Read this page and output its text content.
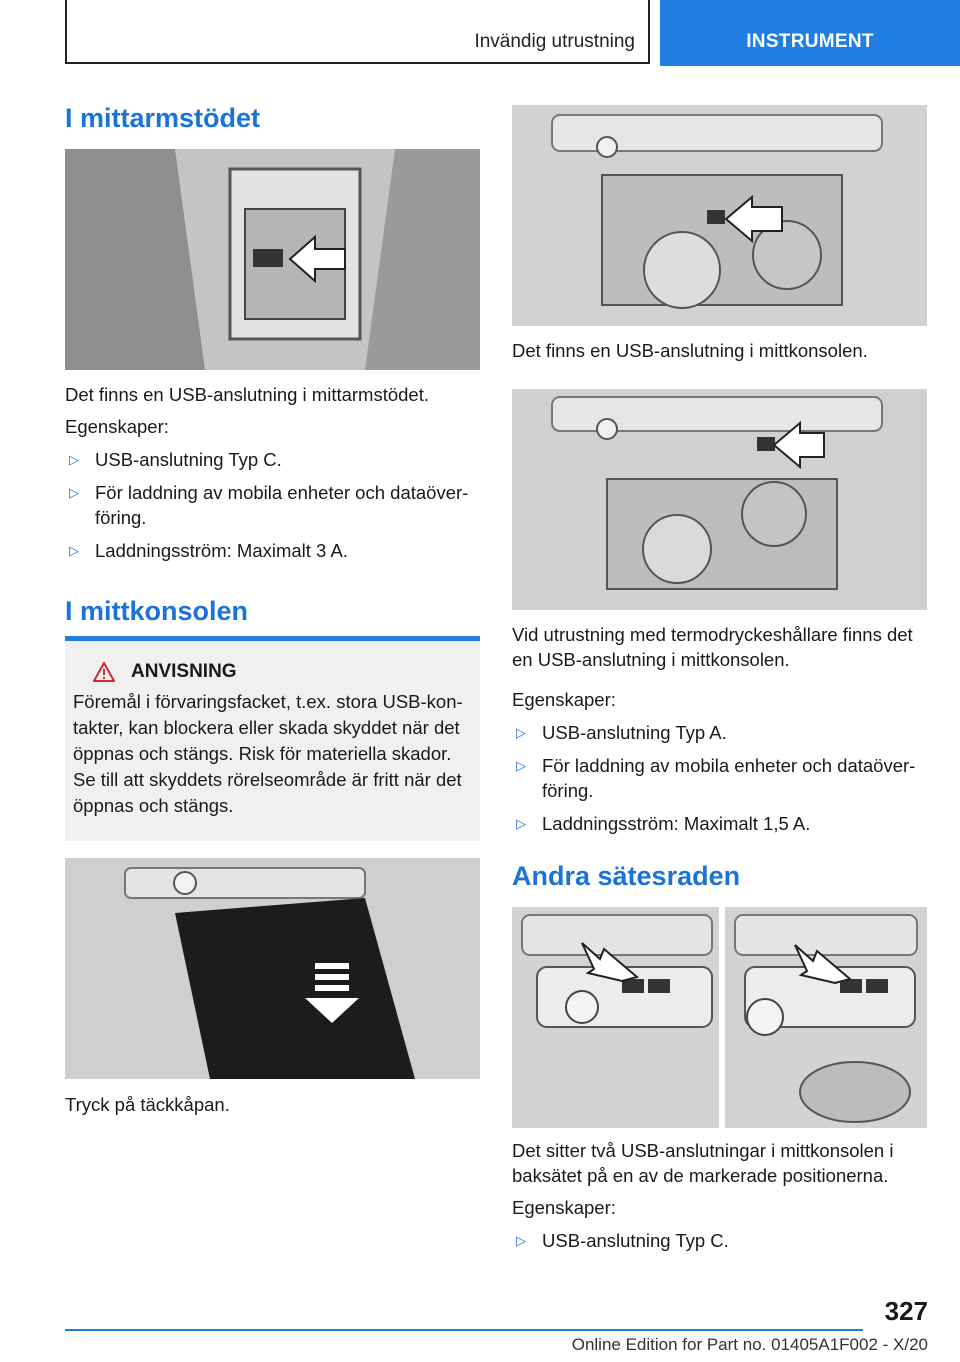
Invändig utrustning	INSTRUMENT
I mittarmstödet
Det finns en USB-anslutning i mittarmstödet.
Egenskaper:
▷ USB-anslutning Typ C.
▷ För laddning av mobila enheter och dataöver-föring.
▷ Laddningsström: Maximalt 3 A.
I mittkonsolen
ANVISNING
Föremål i förvaringsfacket, t.ex. stora USB-kon-takter, kan blockera eller skada skyddet när det öppnas och stängs. Risk för materiella skador. Se till att skyddets rörelseområde är fritt när det öppnas och stängs.
Tryck på täckkåpan.
Det finns en USB-anslutning i mittkonsolen.
Vid utrustning med termodryckeshållare finns det en USB-anslutning i mittkonsolen.
Egenskaper:
▷ USB-anslutning Typ A.
▷ För laddning av mobila enheter och dataöver-föring.
▷ Laddningsström: Maximalt 1,5 A.
Andra sätesraden
Det sitter två USB-anslutningar i mittkonsolen i baksätet på en av de markerade positionerna.
Egenskaper:
▷ USB-anslutning Typ C.
327
Online Edition for Part no. 01405A1F002 - X/20
